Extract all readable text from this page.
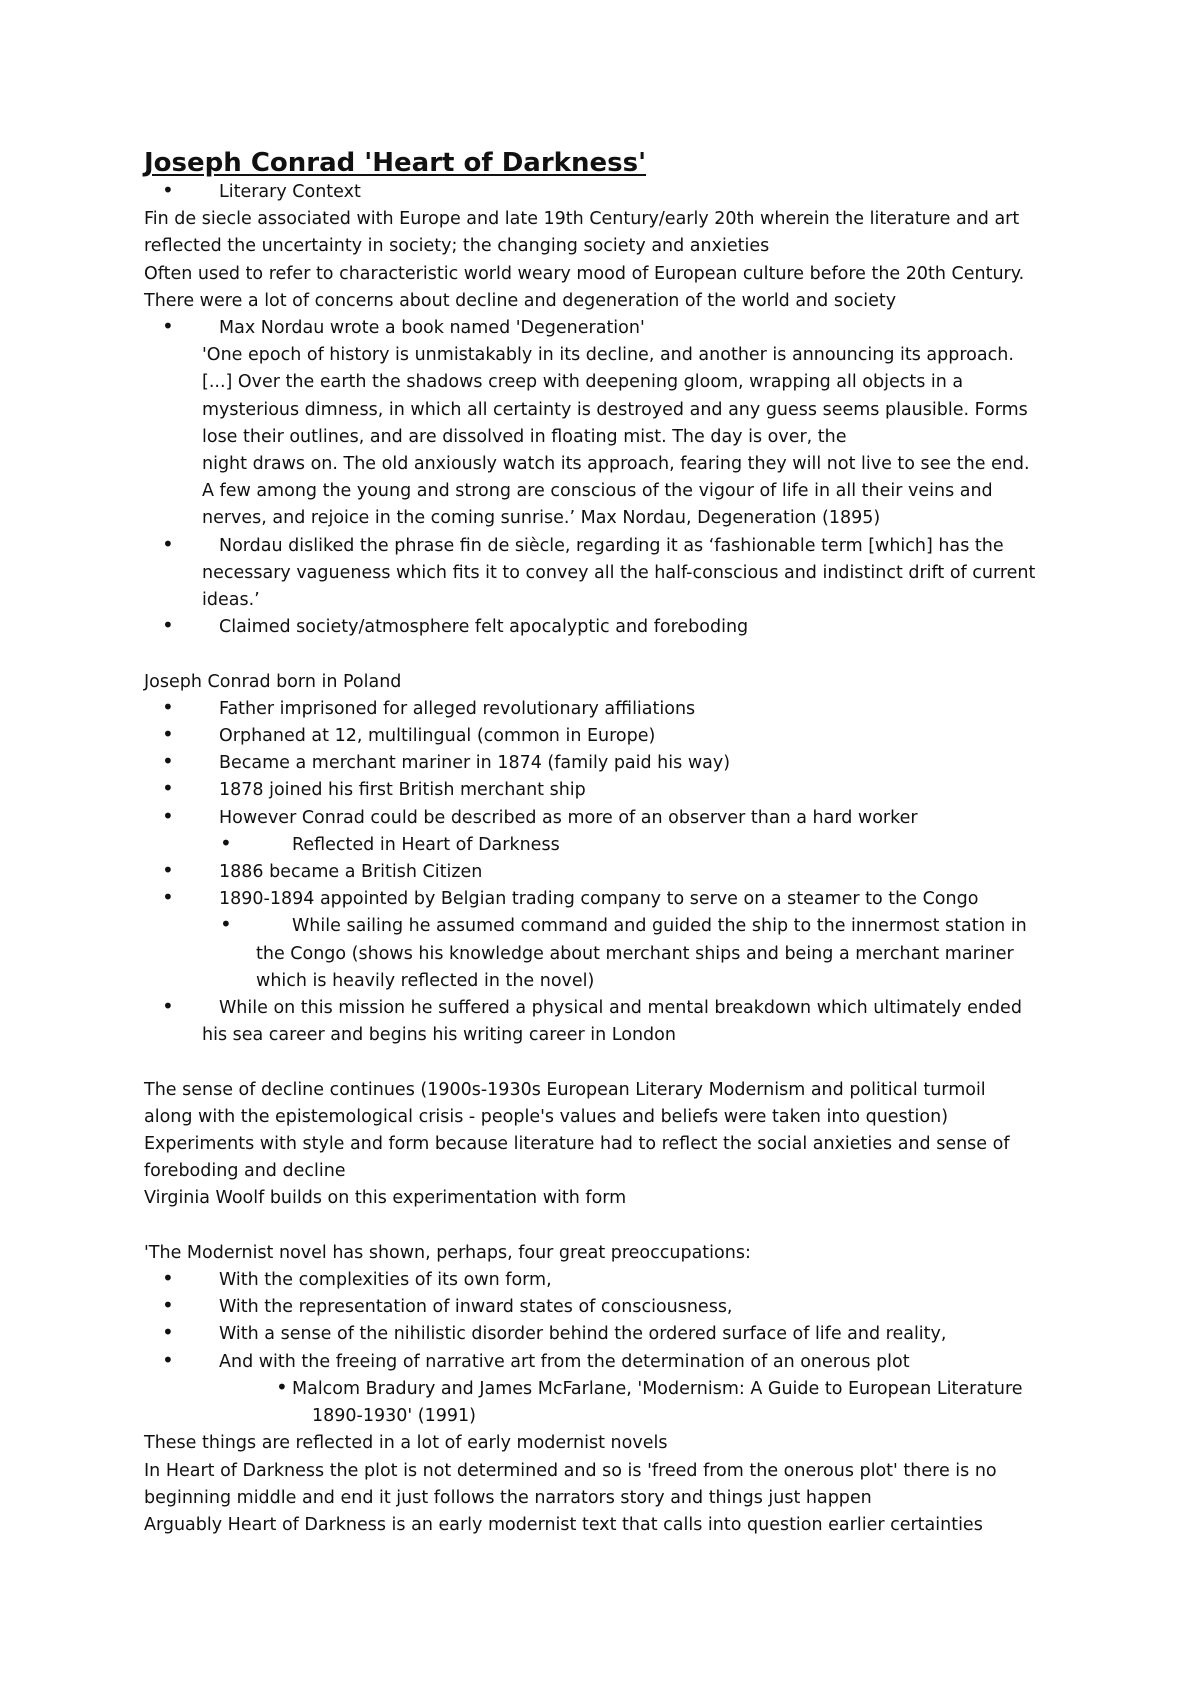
Joseph Conrad 'Heart of Darkness'
• Literary Context
Fin de siecle associated with Europe and late 19th Century/early 20th wherein the literature and art
reflected the uncertainty in society; the changing society and anxieties
Often used to refer to characteristic world weary mood of European culture before the 20th Century.
There were a lot of concerns about decline and degeneration of the world and society
• Max Nordau wrote a book named 'Degeneration'
'One epoch of history is unmistakably in its decline, and another is announcing its approach.
[...] Over the earth the shadows creep with deepening gloom, wrapping all objects in a
mysterious dimness, in which all certainty is destroyed and any guess seems plausible. Forms
lose their outlines, and are dissolved in floating mist. The day is over, the
night draws on. The old anxiously watch its approach, fearing they will not live to see the end.
A few among the young and strong are conscious of the vigour of life in all their veins and
nerves, and rejoice in the coming sunrise.’ Max Nordau, Degeneration (1895)
• Nordau disliked the phrase fin de siècle, regarding it as ‘fashionable term [which] has the
necessary vagueness which fits it to convey all the half-conscious and indistinct drift of current
ideas.’
• Claimed society/atmosphere felt apocalyptic and foreboding
Joseph Conrad born in Poland
• Father imprisoned for alleged revolutionary affiliations
• Orphaned at 12, multilingual (common in Europe)
• Became a merchant mariner in 1874 (family paid his way)
• 1878 joined his first British merchant ship
• However Conrad could be described as more of an observer than a hard worker
• Reflected in Heart of Darkness
• 1886 became a British Citizen
• 1890-1894 appointed by Belgian trading company to serve on a steamer to the Congo
• While sailing he assumed command and guided the ship to the innermost station in
the Congo (shows his knowledge about merchant ships and being a merchant mariner
which is heavily reflected in the novel)
• While on this mission he suffered a physical and mental breakdown which ultimately ended
his sea career and begins his writing career in London
The sense of decline continues (1900s-1930s European Literary Modernism and political turmoil
along with the epistemological crisis - people's values and beliefs were taken into question)
Experiments with style and form because literature had to reflect the social anxieties and sense of
foreboding and decline
Virginia Woolf builds on this experimentation with form
'The Modernist novel has shown, perhaps, four great preoccupations:
• With the complexities of its own form,
• With the representation of inward states of consciousness,
• With a sense of the nihilistic disorder behind the ordered surface of life and reality,
• And with the freeing of narrative art from the determination of an onerous plot
• Malcom Bradury and James McFarlane, 'Modernism: A Guide to European Literature
1890-1930' (1991)
These things are reflected in a lot of early modernist novels
In Heart of Darkness the plot is not determined and so is 'freed from the onerous plot' there is no
beginning middle and end it just follows the narrators story and things just happen
Arguably Heart of Darkness is an early modernist text that calls into question earlier certainties
